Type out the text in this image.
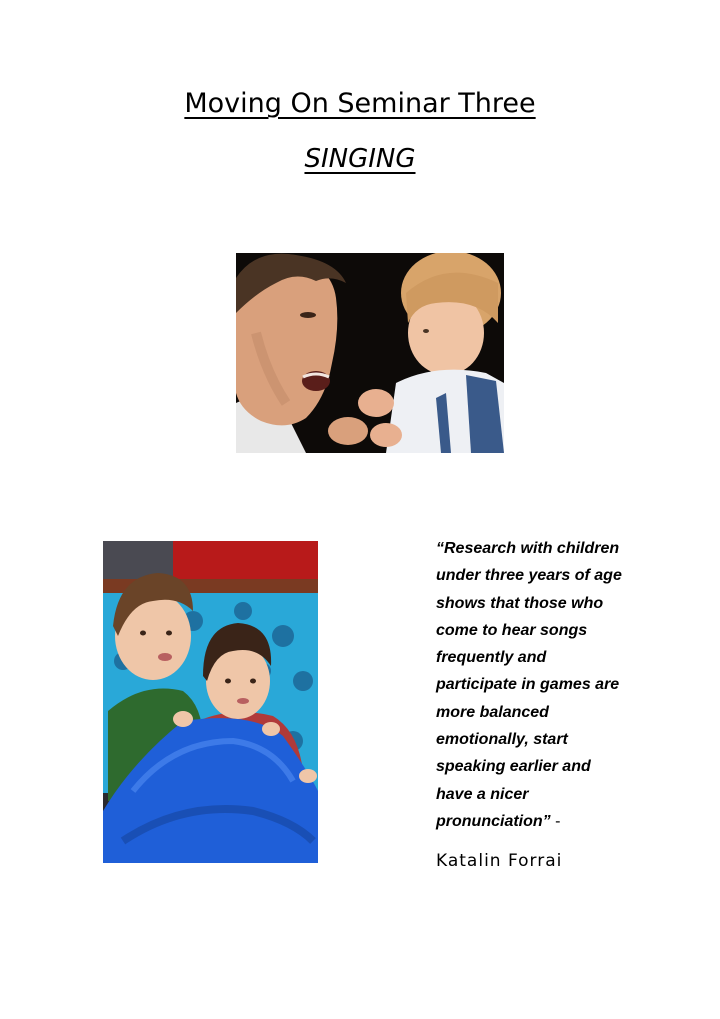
Moving On Seminar Three
SINGING
“Research with children
under three years of age
shows that those who
come to hear songs
frequently and
participate in games are
more balanced
emotionally, start
speaking earlier and
have a nicer
pronunciation” -
Katalin Forrai
